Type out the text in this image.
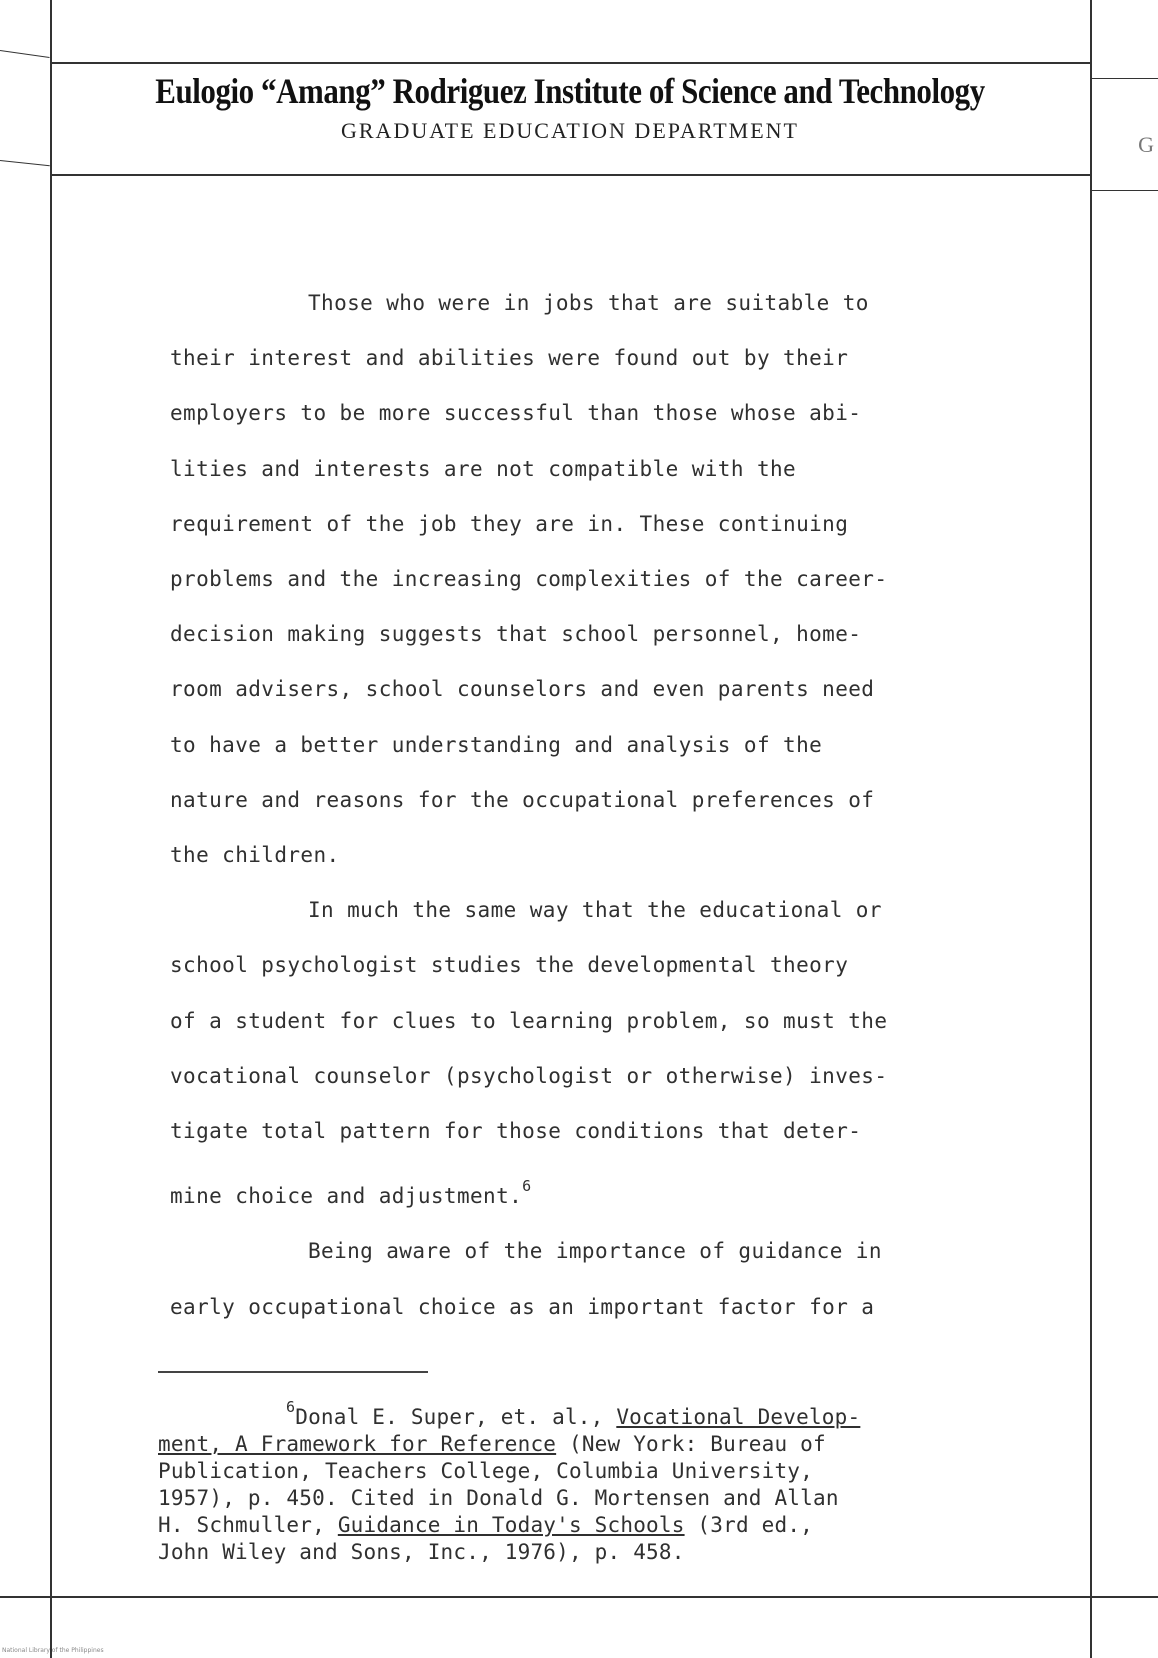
Eulogio “Amang” Rodriguez Institute of Science and Technology
GRADUATE EDUCATION DEPARTMENT
G

Those who were in jobs that are suitable to
their interest and abilities were found out by their
employers to be more successful than those whose abi-
lities and interests are not compatible with the
requirement of the job they are in. These continuing
problems and the increasing complexities of the career-
decision making suggests that school personnel, home-
room advisers, school counselors and even parents need
to have a better understanding and analysis of the
nature and reasons for the occupational preferences of
the children.

In much the same way that the educational or
school psychologist studies the developmental theory
of a student for clues to learning problem, so must the
vocational counselor (psychologist or otherwise) inves-
tigate total pattern for those conditions that deter-
mine choice and adjustment.$^6$

Being aware of the importance of guidance in
early occupational choice as an important factor for a

$^6$Donal E. Super, et. al., Vocational Develop-
ment, A Framework for Reference (New York: Bureau of
Publication, Teachers College, Columbia University,
1957), p. 450. Cited in Donald G. Mortensen and Allan
H. Schmuller, Guidance in Today's Schools (3rd ed.,
John Wiley and Sons, Inc., 1976), p. 458.
National Library of the Philippines
